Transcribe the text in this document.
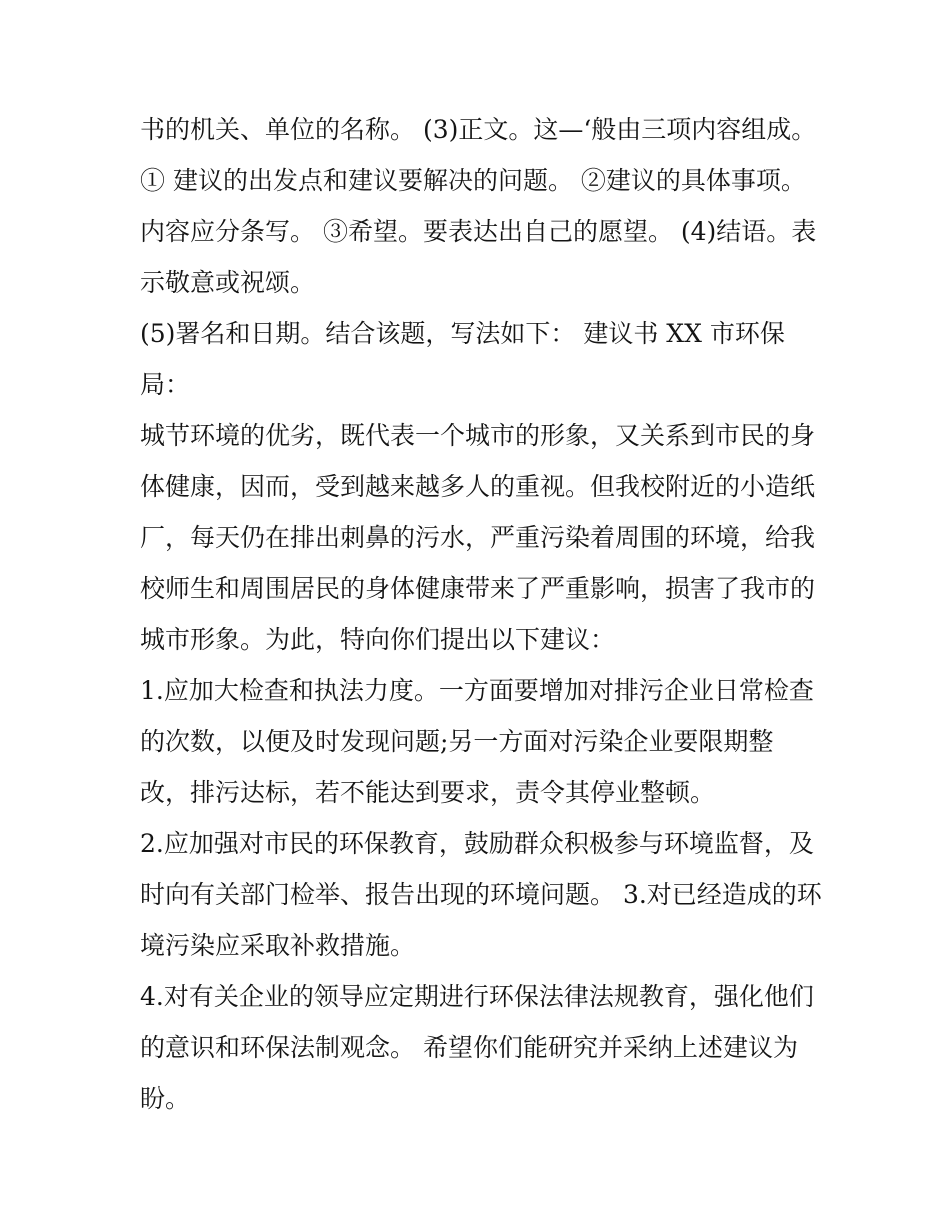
书的机关、单位的名称。 (3)正文。这—‘般由三项内容组成。
① 建议的出发点和建议要解决的问题。 ②建议的具体事项。
内容应分条写。 ③希望。要表达出自己的愿望。 (4)结语。表
示敬意或祝颂。
(5)署名和日期。结合该题，写法如下： 建议书 XX 市环保
局：
城节环境的优劣，既代表一个城市的形象，又关系到市民的身
体健康，因而，受到越来越多人的重视。但我校附近的小造纸
厂，每天仍在排出刺鼻的污水，严重污染着周围的环境，给我
校师生和周围居民的身体健康带来了严重影响，损害了我市的
城市形象。为此，特向你们提出以下建议：
1.应加大检查和执法力度。一方面要增加对排污企业日常检查
的次数，以便及时发现问题;另一方面对污染企业要限期整
改，排污达标，若不能达到要求，责令其停业整顿。
2.应加强对市民的环保教育，鼓励群众积极参与环境监督，及
时向有关部门检举、报告出现的环境问题。 3.对已经造成的环
境污染应采取补救措施。
4.对有关企业的领导应定期进行环保法律法规教育，强化他们
的意识和环保法制观念。 希望你们能研究并采纳上述建议为
盼。
